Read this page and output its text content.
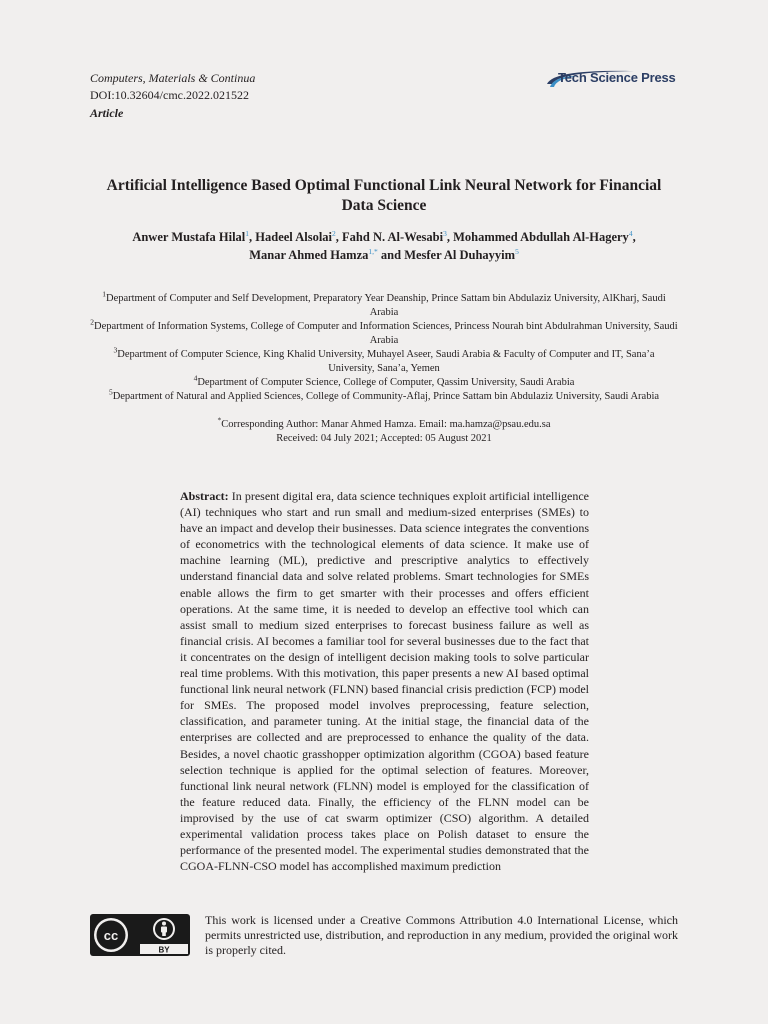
Computers, Materials & Continua
DOI:10.32604/cmc.2022.021522
Article
Tech Science Press
Artificial Intelligence Based Optimal Functional Link Neural Network for Financial Data Science
Anwer Mustafa Hilal$^1$, Hadeel Alsolai$^2$, Fahd N. Al-Wesabi$^3$, Mohammed Abdullah Al-Hagery$^4$,
Manar Ahmed Hamza$^{1,*}$ and Mesfer Al Duhayyim$^5$
$^1$Department of Computer and Self Development, Preparatory Year Deanship, Prince Sattam bin Abdulaziz University, AlKharj, Saudi Arabia
$^2$Department of Information Systems, College of Computer and Information Sciences, Princess Nourah bint Abdulrahman University, Saudi Arabia
$^3$Department of Computer Science, King Khalid University, Muhayel Aseer, Saudi Arabia & Faculty of Computer and IT, Sana’a University, Sana’a, Yemen
$^4$Department of Computer Science, College of Computer, Qassim University, Saudi Arabia
$^5$Department of Natural and Applied Sciences, College of Community-Aflaj, Prince Sattam bin Abdulaziz University, Saudi Arabia
*Corresponding Author: Manar Ahmed Hamza. Email: ma.hamza@psau.edu.sa
Received: 04 July 2021; Accepted: 05 August 2021
Abstract: In present digital era, data science techniques exploit artificial intelligence (AI) techniques who start and run small and medium-sized enterprises (SMEs) to have an impact and develop their businesses. Data science integrates the conventions of econometrics with the technological elements of data science. It make use of machine learning (ML), predictive and prescriptive analytics to effectively understand financial data and solve related problems. Smart technologies for SMEs enable allows the firm to get smarter with their processes and offers efficient operations. At the same time, it is needed to develop an effective tool which can assist small to medium sized enterprises to forecast business failure as well as financial crisis. AI becomes a familiar tool for several businesses due to the fact that it concentrates on the design of intelligent decision making tools to solve particular real time problems. With this motivation, this paper presents a new AI based optimal functional link neural network (FLNN) based financial crisis prediction (FCP) model for SMEs. The proposed model involves preprocessing, feature selection, classification, and parameter tuning. At the initial stage, the financial data of the enterprises are collected and are preprocessed to enhance the quality of the data. Besides, a novel chaotic grasshopper optimization algorithm (CGOA) based feature selection technique is applied for the optimal selection of features. Moreover, functional link neural network (FLNN) model is employed for the classification of the feature reduced data. Finally, the efficiency of the FLNN model can be improvised by the use of cat swarm optimizer (CSO) algorithm. A detailed experimental validation process takes place on Polish dataset to ensure the performance of the presented model. The experimental studies demonstrated that the CGOA-FLNN-CSO model has accomplished maximum prediction
cc
BY
This work is licensed under a Creative Commons Attribution 4.0 International License, which permits unrestricted use, distribution, and reproduction in any medium, provided the original work is properly cited.
